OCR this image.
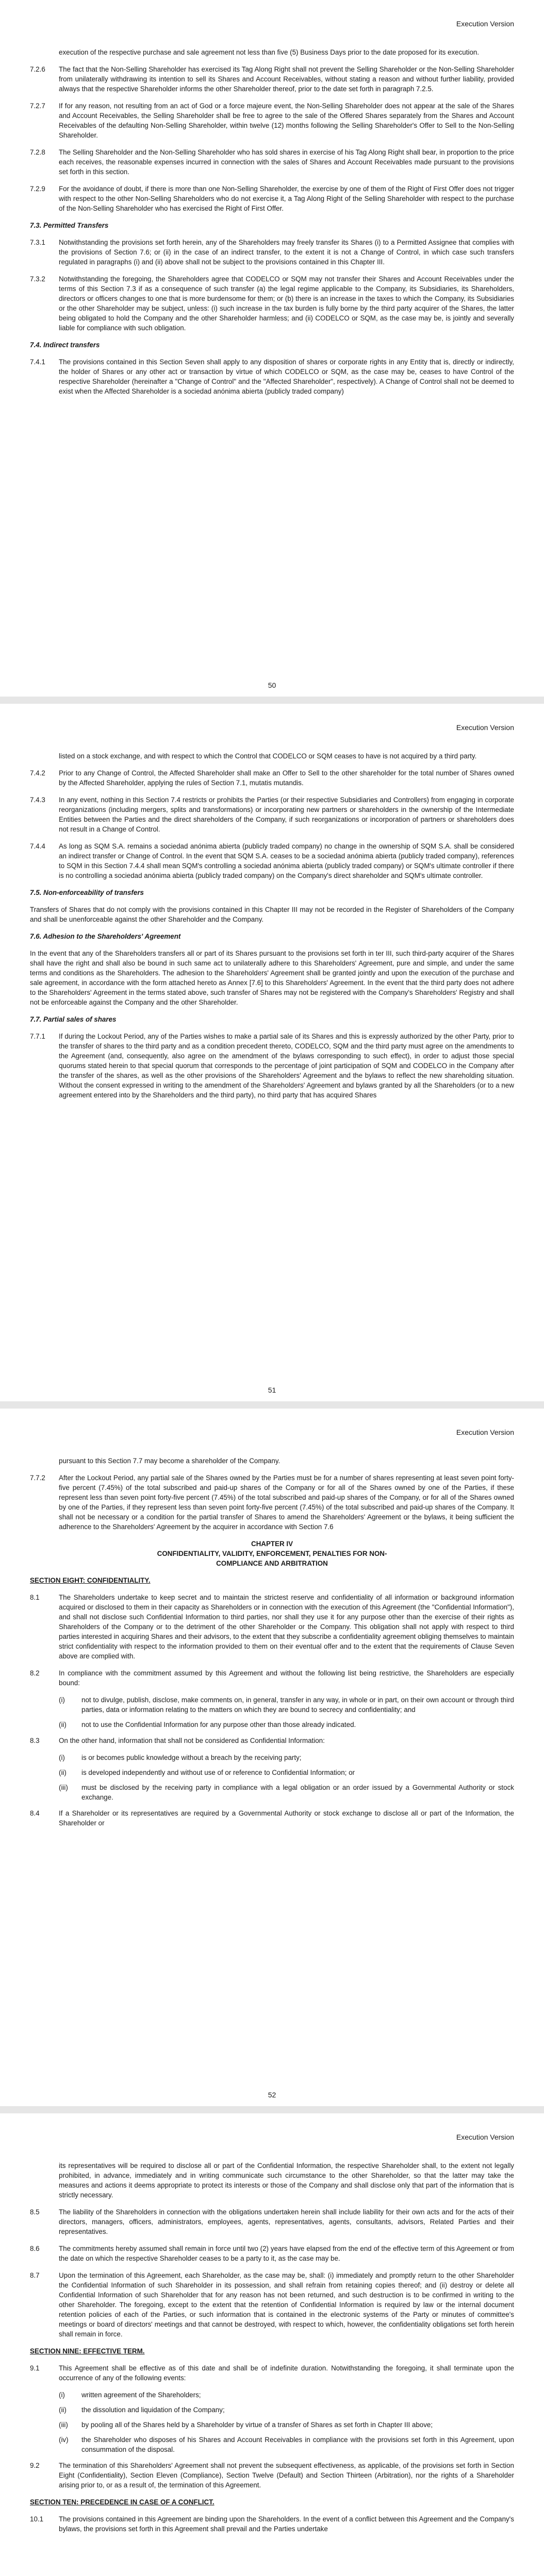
Execution Version
execution of the respective purchase and sale agreement not less than five (5) Business Days prior to the date proposed for its execution.
7.2.6	The fact that the Non-Selling Shareholder has exercised its Tag Along Right shall not prevent the Selling Shareholder or the Non-Selling Shareholder from unilaterally withdrawing its intention to sell its Shares and Account Receivables, without stating a reason and without further liability, provided always that the respective Shareholder informs the other Shareholder thereof, prior to the date set forth in paragraph 7.2.5.
7.2.7	If for any reason, not resulting from an act of God or a force majeure event, the Non-Selling Shareholder does not appear at the sale of the Shares and Account Receivables, the Selling Shareholder shall be free to agree to the sale of the Offered Shares separately from the Shares and Account Receivables of the defaulting Non-Selling Shareholder, within twelve (12) months following the Selling Shareholder's Offer to Sell to the Non-Selling Shareholder.
7.2.8	The Selling Shareholder and the Non-Selling Shareholder who has sold shares in exercise of his Tag Along Right shall bear, in proportion to the price each receives, the reasonable expenses incurred in connection with the sales of Shares and Account Receivables made pursuant to the provisions set forth in this section.
7.2.9	For the avoidance of doubt, if there is more than one Non-Selling Shareholder, the exercise by one of them of the Right of First Offer does not trigger with respect to the other Non-Selling Shareholders who do not exercise it, a Tag Along Right of the Selling Shareholder with respect to the purchase of the Non-Selling Shareholder who has exercised the Right of First Offer.
7.3. Permitted Transfers
7.3.1	Notwithstanding the provisions set forth herein, any of the Shareholders may freely transfer its Shares (i) to a Permitted Assignee that complies with the provisions of Section 7.6; or (ii) in the case of an indirect transfer, to the extent it is not a Change of Control, in which case such transfers regulated in paragraphs (i) and (ii) above shall not be subject to the provisions contained in this Chapter III.
7.3.2	Notwithstanding the foregoing, the Shareholders agree that CODELCO or SQM may not transfer their Shares and Account Receivables under the terms of this Section 7.3 if as a consequence of such transfer (a) the legal regime applicable to the Company, its Subsidiaries, its Shareholders, directors or officers changes to one that is more burdensome for them; or (b) there is an increase in the taxes to which the Company, its Subsidiaries or the other Shareholder may be subject, unless: (i) such increase in the tax burden is fully borne by the third party acquirer of the Shares, the latter being obligated to hold the Company and the other Shareholder harmless; and (ii) CODELCO or SQM, as the case may be, is jointly and severally liable for compliance with such obligation.
7.4. Indirect transfers
7.4.1	The provisions contained in this Section Seven shall apply to any disposition of shares or corporate rights in any Entity that is, directly or indirectly, the holder of Shares or any other act or transaction by virtue of which CODELCO or SQM, as the case may be, ceases to have Control of the respective Shareholder (hereinafter a "Change of Control" and the "Affected Shareholder", respectively). A Change of Control shall not be deemed to exist when the Affected Shareholder is a sociedad anónima abierta (publicly traded company)
50
Execution Version
listed on a stock exchange, and with respect to which the Control that CODELCO or SQM ceases to have is not acquired by a third party.
7.4.2	Prior to any Change of Control, the Affected Shareholder shall make an Offer to Sell to the other shareholder for the total number of Shares owned by the Affected Shareholder, applying the rules of Section 7.1, mutatis mutandis.
7.4.3	In any event, nothing in this Section 7.4 restricts or prohibits the Parties (or their respective Subsidiaries and Controllers) from engaging in corporate reorganizations (including mergers, splits and transformations) or incorporating new partners or shareholders in the ownership of the Intermediate Entities between the Parties and the direct shareholders of the Company, if such reorganizations or incorporation of partners or shareholders does not result in a Change of Control.
7.4.4	As long as SQM S.A. remains a sociedad anónima abierta (publicly traded company) no change in the ownership of SQM S.A. shall be considered an indirect transfer or Change of Control. In the event that SQM S.A. ceases to be a sociedad anónima abierta (publicly traded company), references to SQM in this Section 7.4.4 shall mean SQM's controlling a sociedad anónima abierta (publicly traded company) or SQM's ultimate controller if there is no controlling a sociedad anónima abierta (publicly traded company) on the Company's direct shareholder and SQM's ultimate controller.
7.5. Non-enforceability of transfers
Transfers of Shares that do not comply with the provisions contained in this Chapter III may not be recorded in the Register of Shareholders of the Company and shall be unenforceable against the other Shareholder and the Company.
7.6. Adhesion to the Shareholders' Agreement
In the event that any of the Shareholders transfers all or part of its Shares pursuant to the provisions set forth in ter III, such third-party acquirer of the Shares shall have the right and shall also be bound in such same act to unilaterally adhere to this Shareholders' Agreement, pure and simple, and under the same terms and conditions as the Shareholders. The adhesion to the Shareholders' Agreement shall be granted jointly and upon the execution of the purchase and sale agreement, in accordance with the form attached hereto as Annex [7.6] to this Shareholders' Agreement. In the event that the third party does not adhere to the Shareholders' Agreement in the terms stated above, such transfer of Shares may not be registered with the Company's Shareholders' Registry and shall not be enforceable against the Company and the other Shareholder.
7.7. Partial sales of shares
7.7.1	If during the Lockout Period, any of the Parties wishes to make a partial sale of its Shares and this is expressly authorized by the other Party, prior to the transfer of shares to the third party and as a condition precedent thereto, CODELCO, SQM and the third party must agree on the amendments to the Agreement (and, consequently, also agree on the amendment of the bylaws corresponding to such effect), in order to adjust those special quorums stated herein to that special quorum that corresponds to the percentage of joint participation of SQM and CODELCO in the Company after the transfer of the shares, as well as the other provisions of the Shareholders' Agreement and the bylaws to reflect the new shareholding situation. Without the consent expressed in writing to the amendment of the Shareholders' Agreement and bylaws granted by all the Shareholders (or to a new agreement entered into by the Shareholders and the third party), no third party that has acquired Shares
51
Execution Version
pursuant to this Section 7.7 may become a shareholder of the Company.
7.7.2	After the Lockout Period, any partial sale of the Shares owned by the Parties must be for a number of shares representing at least seven point forty-five percent (7.45%) of the total subscribed and paid-up shares of the Company or for all of the Shares owned by one of the Parties, if these represent less than seven point forty-five percent (7.45%) of the total subscribed and paid-up shares of the Company, or for all of the Shares owned by one of the Parties, if they represent less than seven point forty-five percent (7.45%) of the total subscribed and paid-up shares of the Company. It shall not be necessary or a condition for the partial transfer of Shares to amend the Shareholders' Agreement or the bylaws, it being sufficient the adherence to the Shareholders' Agreement by the acquirer in accordance with Section 7.6
CHAPTER IV
CONFIDENTIALITY, VALIDITY, ENFORCEMENT, PENALTIES FOR NON-
COMPLIANCE AND ARBITRATION
SECTION EIGHT: CONFIDENTIALITY.
8.1	The Shareholders undertake to keep secret and to maintain the strictest reserve and confidentiality of all information or background information acquired or disclosed to them in their capacity as Shareholders or in connection with the execution of this Agreement (the "Confidential Information"), and shall not disclose such Confidential Information to third parties, nor shall they use it for any purpose other than the exercise of their rights as Shareholders of the Company or to the detriment of the other Shareholder or the Company. This obligation shall not apply with respect to third parties interested in acquiring Shares and their advisors, to the extent that they subscribe a confidentiality agreement obliging themselves to maintain strict confidentiality with respect to the information provided to them on their eventual offer and to the extent that the requirements of Clause Seven above are complied with.
8.2	In compliance with the commitment assumed by this Agreement and without the following list being restrictive, the Shareholders are especially bound:
(i)	not to divulge, publish, disclose, make comments on, in general, transfer in any way, in whole or in part, on their own account or through third parties, data or information relating to the matters on which they are bound to secrecy and confidentiality; and
(ii)	not to use the Confidential Information for any purpose other than those already indicated.
8.3	On the other hand, information that shall not be considered as Confidential Information:
(i)	is or becomes public knowledge without a breach by the receiving party;
(ii)	is developed independently and without use of or reference to Confidential Information; or
(iii)	must be disclosed by the receiving party in compliance with a legal obligation or an order issued by a Governmental Authority or stock exchange.
8.4	If a Shareholder or its representatives are required by a Governmental Authority or stock exchange to disclose all or part of the Information, the Shareholder or
52
Execution Version
its representatives will be required to disclose all or part of the Confidential Information, the respective Shareholder shall, to the extent not legally prohibited, in advance, immediately and in writing communicate such circumstance to the other Shareholder, so that the latter may take the measures and actions it deems appropriate to protect its interests or those of the Company and shall disclose only that part of the information that is strictly necessary.
8.5	The liability of the Shareholders in connection with the obligations undertaken herein shall include liability for their own acts and for the acts of their directors, managers, officers, administrators, employees, agents, representatives, agents, consultants, advisors, Related Parties and their representatives.
8.6	The commitments hereby assumed shall remain in force until two (2) years have elapsed from the end of the effective term of this Agreement or from the date on which the respective Shareholder ceases to be a party to it, as the case may be.
8.7	Upon the termination of this Agreement, each Shareholder, as the case may be, shall: (i) immediately and promptly return to the other Shareholder the Confidential Information of such Shareholder in its possession, and shall refrain from retaining copies thereof; and (ii) destroy or delete all Confidential Information of such Shareholder that for any reason has not been returned, and such destruction is to be confirmed in writing to the other Shareholder. The foregoing, except to the extent that the retention of Confidential Information is required by law or the internal document retention policies of each of the Parties, or such information that is contained in the electronic systems of the Party or minutes of committee's meetings or board of directors' meetings and that cannot be destroyed, with respect to which, however, the confidentiality obligations set forth herein shall remain in force.
SECTION NINE: EFFECTIVE TERM.
9.1	This Agreement shall be effective as of this date and shall be of indefinite duration. Notwithstanding the foregoing, it shall terminate upon the occurrence of any of the following events:
(i)	written agreement of the Shareholders;
(ii)	the dissolution and liquidation of the Company;
(iii)	by pooling all of the Shares held by a Shareholder by virtue of a transfer of Shares as set forth in Chapter III above;
(iv)	the Shareholder who disposes of his Shares and Account Receivables in compliance with the provisions set forth in this Agreement, upon consummation of the disposal.
9.2	The termination of this Shareholders' Agreement shall not prevent the subsequent effectiveness, as applicable, of the provisions set forth in Section Eight (Confidentiality), Section Eleven (Compliance), Section Twelve (Default) and Section Thirteen (Arbitration), nor the rights of a Shareholder arising prior to, or as a result of, the termination of this Agreement.
SECTION TEN: PRECEDENCE IN CASE OF A CONFLICT.
10.1	The provisions contained in this Agreement are binding upon the Shareholders. In the event of a conflict between this Agreement and the Company's bylaws, the provisions set forth in this Agreement shall prevail and the Parties undertake
